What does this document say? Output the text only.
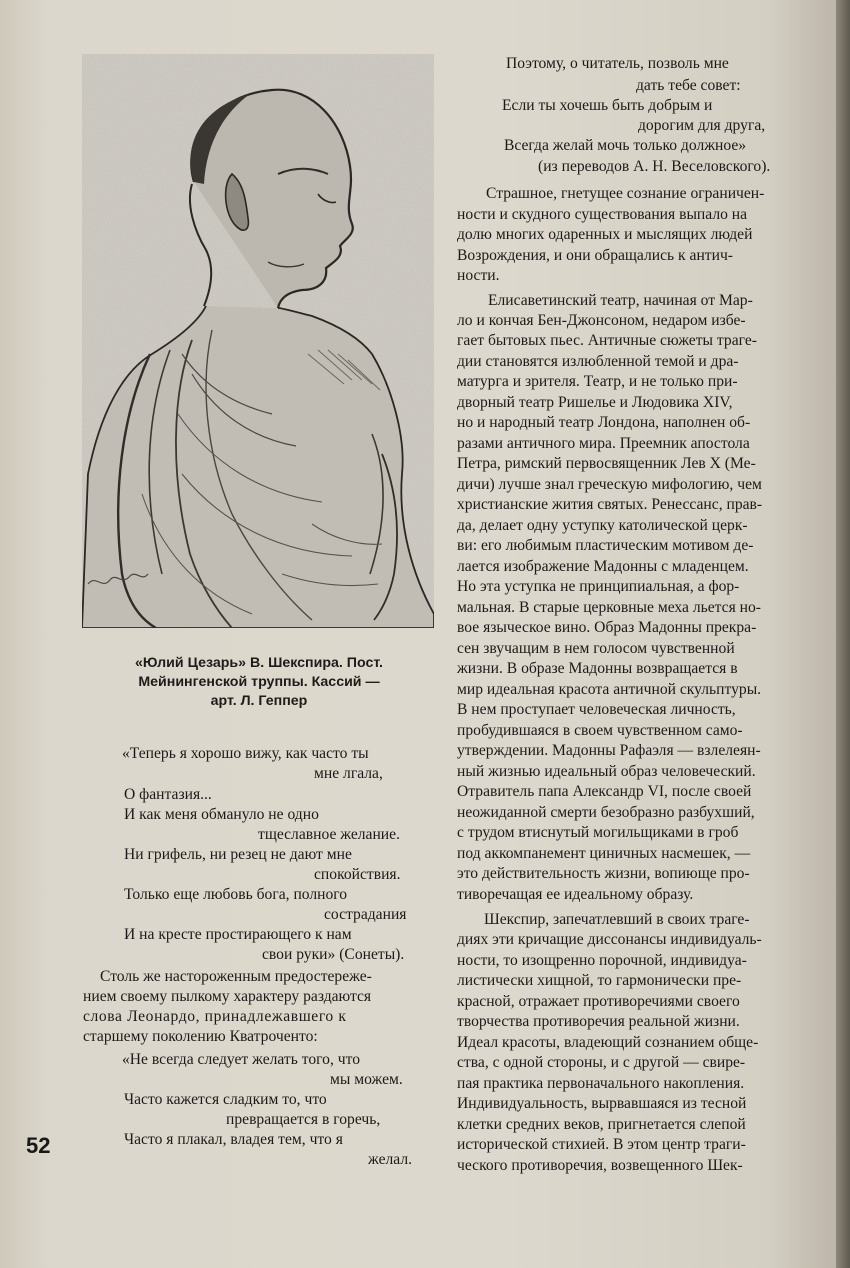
«Юлий Цезарь» В. Шекспира. Пост.
Мейнингенской труппы. Кассий —
арт. Л. Геппер
«Теперь я хорошо вижу, как часто ты
мне лгала,
О фантазия...
И как меня обмануло не одно
тщеславное желание.
Ни грифель, ни резец не дают мне
спокойствия.
Только еще любовь бога, полного
сострадания
И на кресте простирающего к нам
свои руки» (Сонеты).
Столь же настороженным предостереже-
нием своему пылкому характеру раздаются
слова Леонардо, принадлежавшего к
старшему поколению Кватроченто:
«Не всегда следует желать того, что
мы можем.
Часто кажется сладким то, что
превращается в горечь,
Часто я плакал, владея тем, что я
желал.
Поэтому, о читатель, позволь мне
дать тебе совет:
Если ты хочешь быть добрым и
дорогим для друга,
Всегда желай мочь только должное»
(из переводов А. Н. Веселовского).
Страшное, гнетущее сознание ограничен-
ности и скудного существования выпало на
долю многих одаренных и мыслящих людей
Возрождения, и они обращались к антич-
ности.
Елисаветинский театр, начиная от Мар-
ло и кончая Бен-Джонсоном, недаром избе-
гает бытовых пьес. Античные сюжеты траге-
дии становятся излюбленной темой и дра-
матурга и зрителя. Театр, и не только при-
дворный театр Ришелье и Людовика XIV,
но и народный театр Лондона, наполнен об-
разами античного мира. Преемник апостола
Петра, римский первосвященник Лев X (Ме-
дичи) лучше знал греческую мифологию, чем
христианские жития святых. Ренессанс, прав-
да, делает одну уступку католической церк-
ви: его любимым пластическим мотивом де-
лается изображение Мадонны с младенцем.
Но эта уступка не принципиальная, а фор-
мальная. В старые церковные меха льется но-
вое языческое вино. Образ Мадонны прекра-
сен звучащим в нем голосом чувственной
жизни. В образе Мадонны возвращается в
мир идеальная красота античной скульптуры.
В нем проступает человеческая личность,
пробудившаяся в своем чувственном само-
утверждении. Мадонны Рафаэля — взлелеян-
ный жизнью идеальный образ человеческий.
Отравитель папа Александр VI, после своей
неожиданной смерти безобразно разбухший,
с трудом втиснутый могильщиками в гроб
под аккомпанемент циничных насмешек, —
это действительность жизни, вопиюще про-
тиворечащая ее идеальному образу.
Шекспир, запечатлевший в своих траге-
диях эти кричащие диссонансы индивидуаль-
ности, то изощренно порочной, индивидуа-
листически хищной, то гармонически пре-
красной, отражает противоречиями своего
творчества противоречия реальной жизни.
Идеал красоты, владеющий сознанием обще-
ства, с одной стороны, и с другой — свире-
пая практика первоначального накопления.
Индивидуальность, вырвавшаяся из тесной
клетки средних веков, пригнетается слепой
исторической стихией. В этом центр траги-
ческого противоречия, возвещенного Шек-
52
